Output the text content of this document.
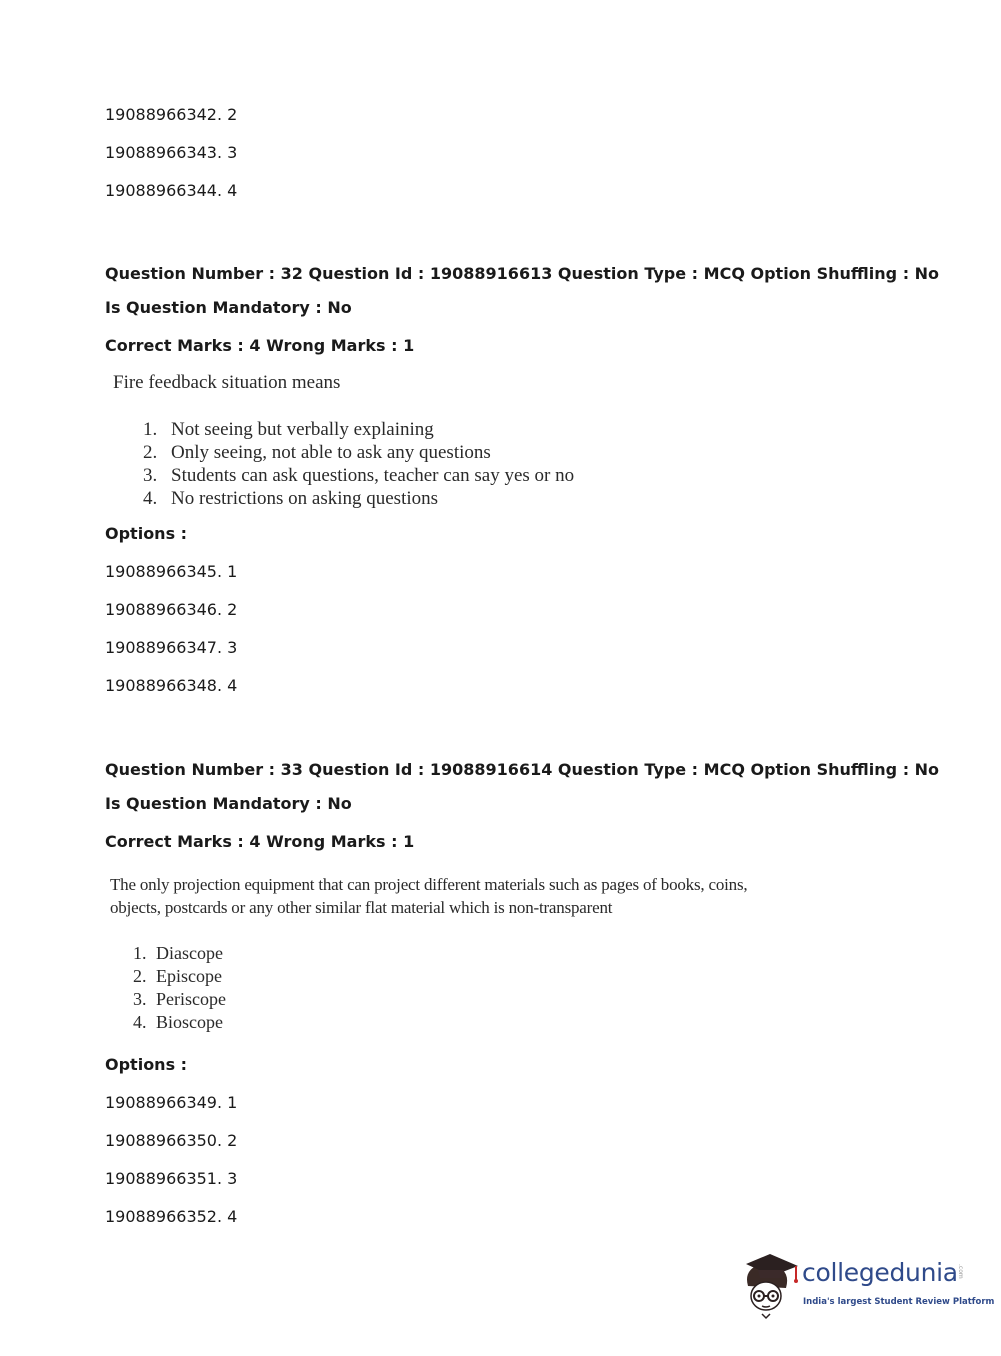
19088966342. 2
19088966343. 3
19088966344. 4
Question Number : 32 Question Id : 19088916613 Question Type : MCQ Option Shuffling : No
Is Question Mandatory : No
Correct Marks : 4 Wrong Marks : 1
Fire feedback situation means
1. Not seeing but verbally explaining
2. Only seeing, not able to ask any questions
3. Students can ask questions, teacher can say yes or no
4. No restrictions on asking questions
Options :
19088966345. 1
19088966346. 2
19088966347. 3
19088966348. 4
Question Number : 33 Question Id : 19088916614 Question Type : MCQ Option Shuffling : No
Is Question Mandatory : No
Correct Marks : 4 Wrong Marks : 1
The only projection equipment that can project different materials such as pages of books, coins,
objects, postcards or any other similar flat material which is non-transparent
1. Diascope
2. Episcope
3. Periscope
4. Bioscope
Options :
19088966349. 1
19088966350. 2
19088966351. 3
19088966352. 4
collegedunia .com
India's largest Student Review Platform
